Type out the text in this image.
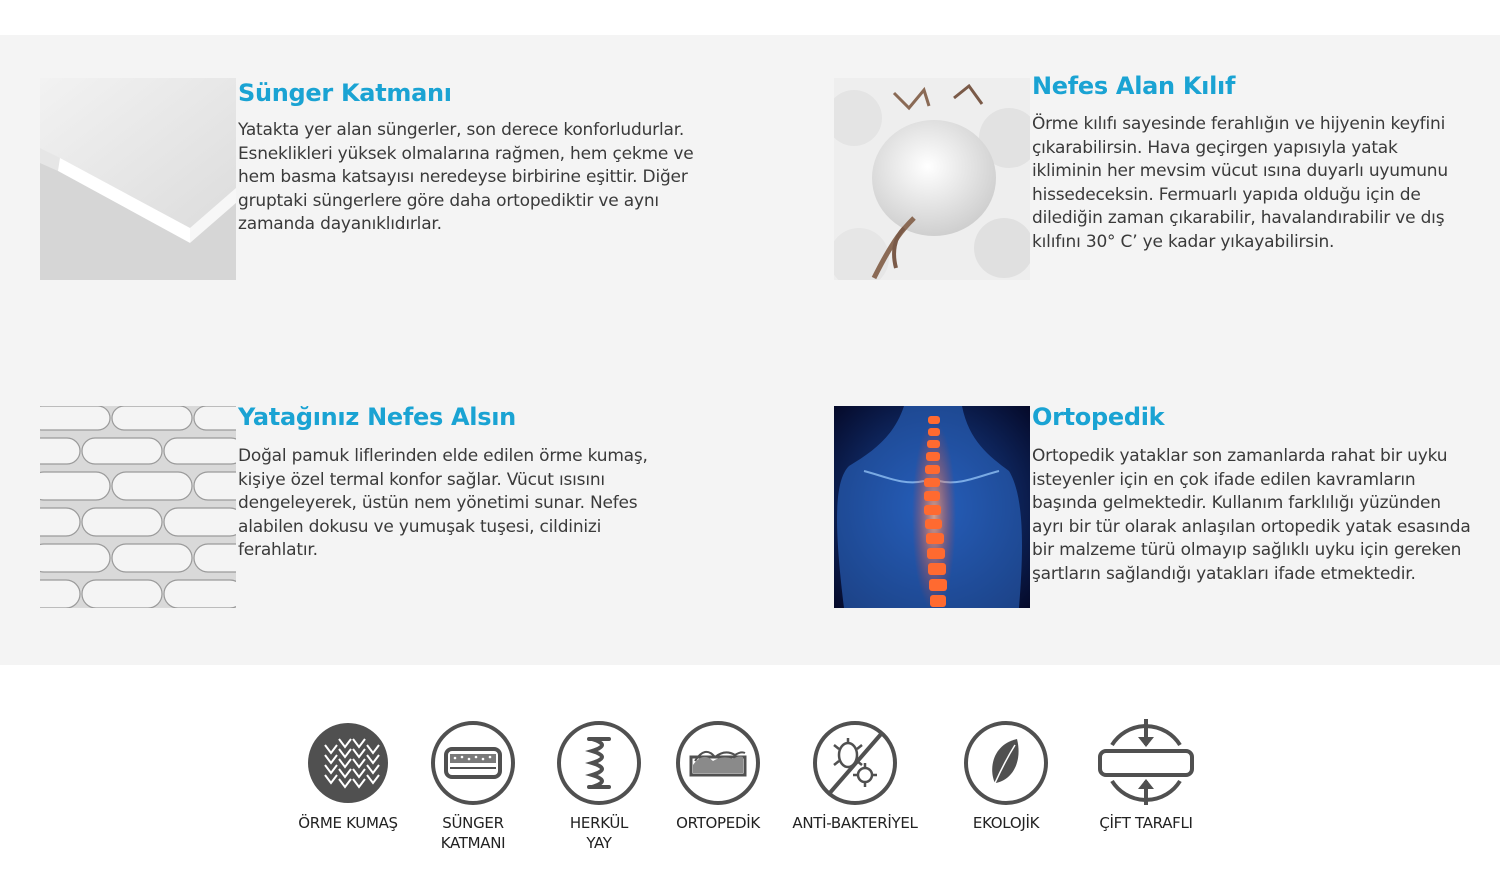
Sünger Katmanı

Yatakta yer alan süngerler, son derece konforludurlar. Esneklikleri yüksek olmalarına rağmen, hem çekme ve hem basma katsayısı neredeyse birbirine eşittir. Diğer gruptaki süngerlere göre daha ortopediktir ve aynı zamanda dayanıklıdırlar.

Nefes Alan Kılıf

Örme kılıfı sayesinde ferahlığın ve hijyenin keyfini çıkarabilirsin. Hava geçirgen yapısıyla yatak ikliminin her mevsim vücut ısına duyarlı uyumunu hissedeceksin. Fermuarlı yapıda olduğu için de dilediğin zaman çıkarabilir, havalandırabilir ve dış kılıfını 30° C’ ye kadar yıkayabilirsin.

Yatağınız Nefes Alsın

Doğal pamuk liflerinden elde edilen örme kumaş, kişiye özel termal konfor sağlar. Vücut ısısını dengeleyerek, üstün nem yönetimi sunar. Nefes alabilen dokusu ve yumuşak tuşesi, cildinizi ferahlatır.

Ortopedik

Ortopedik yataklar son zamanlarda rahat bir uyku isteyenler için en çok ifade edilen kavramların başında gelmektedir. Kullanım farklılığı yüzünden ayrı bir tür olarak anlaşılan ortopedik yatak esasında bir malzeme türü olmayıp sağlıklı uyku için gereken şartların sağlandığı yatakları ifade etmektedir.

ÖRME KUMAŞ	SÜNGER
KATMANI
HERKÜL
YAY
ORTOPEDİK	ANTİ-BAKTERİYEL	EKOLOJİK	ÇİFT TARAFLI
